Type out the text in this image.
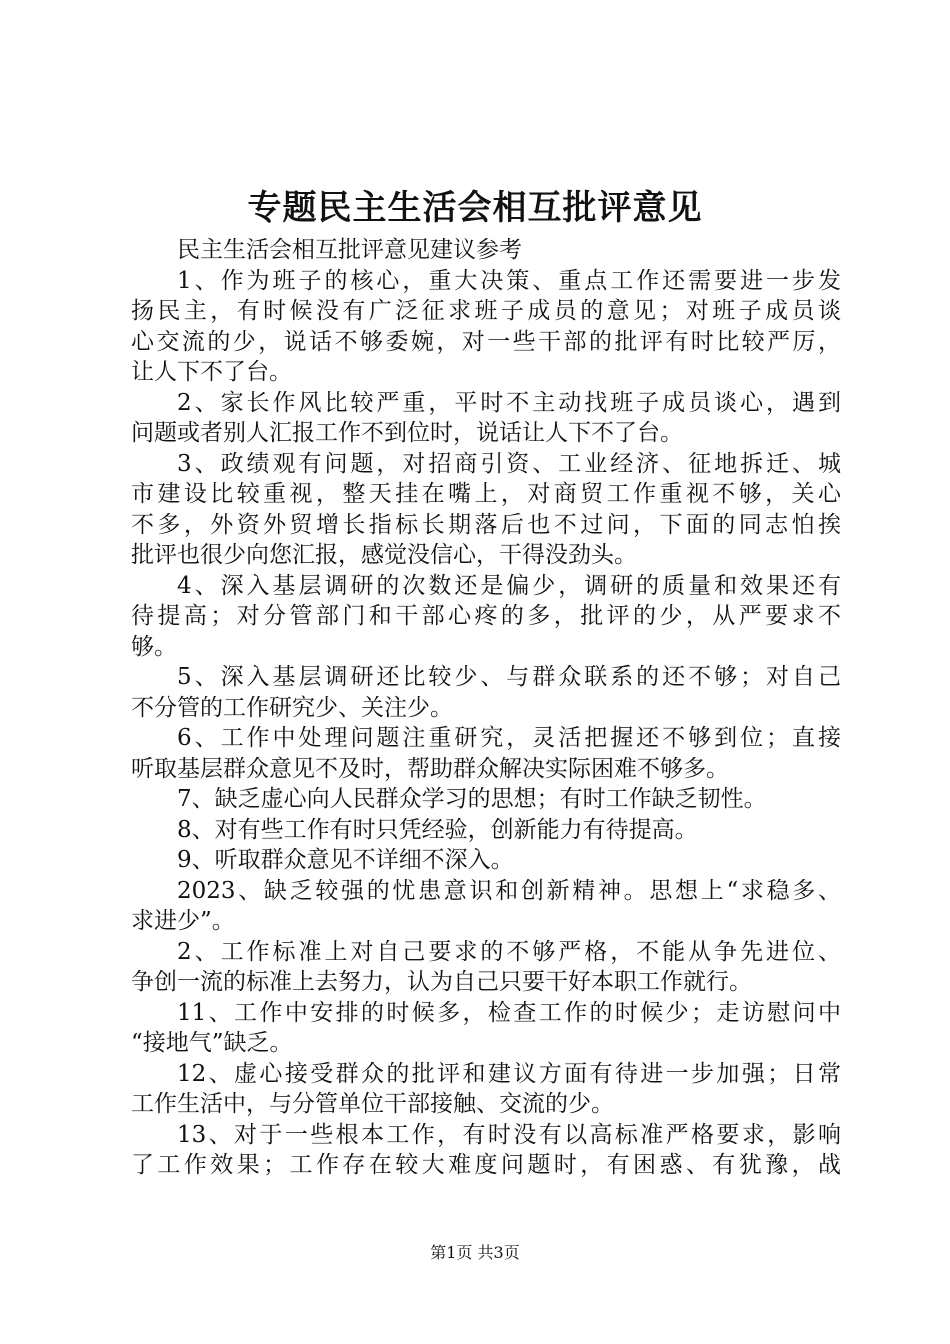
专题民主生活会相互批评意见
民主生活会相互批评意见建议参考
1、作为班子的核心，重大决策、重点工作还需要进一步发
扬民主，有时候没有广泛征求班子成员的意见；对班子成员谈
心交流的少，说话不够委婉，对一些干部的批评有时比较严厉，
让人下不了台。
2、家长作风比较严重，平时不主动找班子成员谈心，遇到
问题或者别人汇报工作不到位时，说话让人下不了台。
3、政绩观有问题，对招商引资、工业经济、征地拆迁、城
市建设比较重视，整天挂在嘴上，对商贸工作重视不够，关心
不多，外资外贸增长指标长期落后也不过问，下面的同志怕挨
批评也很少向您汇报，感觉没信心，干得没劲头。
4、深入基层调研的次数还是偏少，调研的质量和效果还有
待提高；对分管部门和干部心疼的多，批评的少，从严要求不
够。
5、深入基层调研还比较少、与群众联系的还不够；对自己
不分管的工作研究少、关注少。
6、工作中处理问题注重研究，灵活把握还不够到位；直接
听取基层群众意见不及时，帮助群众解决实际困难不够多。
7、缺乏虚心向人民群众学习的思想；有时工作缺乏韧性。
8、对有些工作有时只凭经验，创新能力有待提高。
9、听取群众意见不详细不深入。
2023、缺乏较强的忧患意识和创新精神。思想上“求稳多、
求进少”。
2、工作标准上对自己要求的不够严格，不能从争先进位、
争创一流的标准上去努力，认为自己只要干好本职工作就行。
11、工作中安排的时候多，检查工作的时候少；走访慰问中
“接地气”缺乏。
12、虚心接受群众的批评和建议方面有待进一步加强；日常
工作生活中，与分管单位干部接触、交流的少。
13、对于一些根本工作，有时没有以高标准严格要求，影响
了工作效果；工作存在较大难度问题时，有困惑、有犹豫，战
第1页 共3页
